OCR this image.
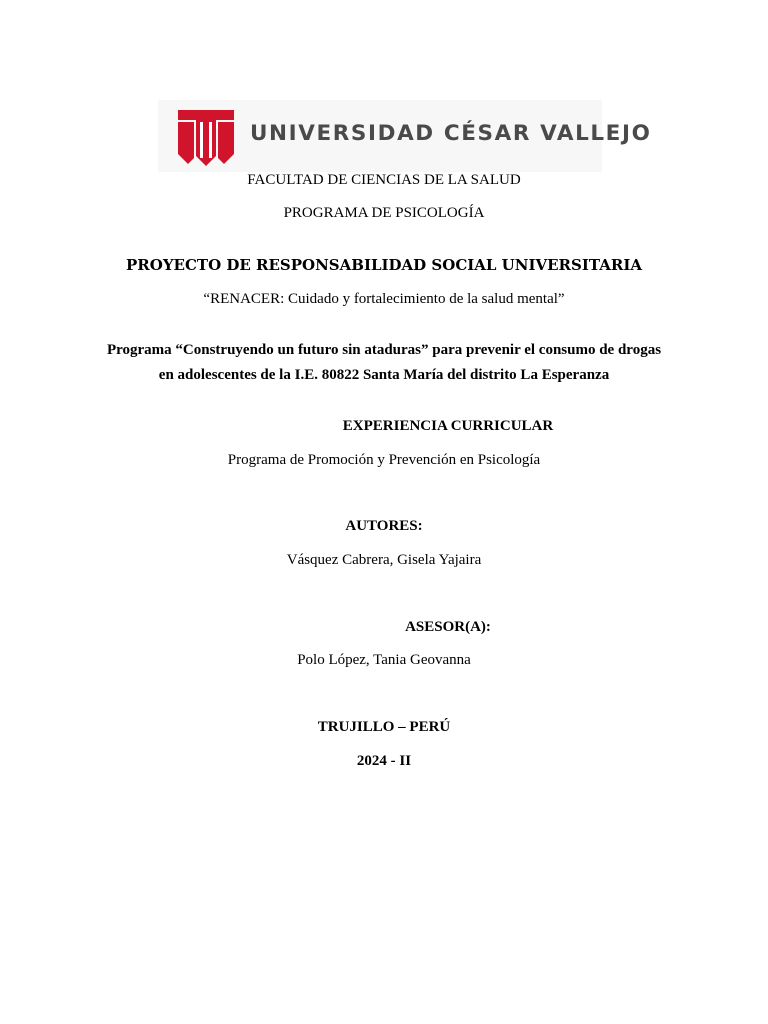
UNIVERSIDAD CÉSAR VALLEJO
FACULTAD DE CIENCIAS DE LA SALUD
PROGRAMA DE PSICOLOGÍA
PROYECTO DE RESPONSABILIDAD SOCIAL UNIVERSITARIA
“RENACER: Cuidado y fortalecimiento de la salud mental”
Programa “Construyendo un futuro sin ataduras” para prevenir el consumo de drogas
en adolescentes de la I.E. 80822 Santa María del distrito La Esperanza
EXPERIENCIA CURRICULAR
Programa de Promoción y Prevención en Psicología
AUTORES:
Vásquez Cabrera, Gisela Yajaira
ASESOR(A):
Polo López, Tania Geovanna
TRUJILLO – PERÚ
2024 - II
